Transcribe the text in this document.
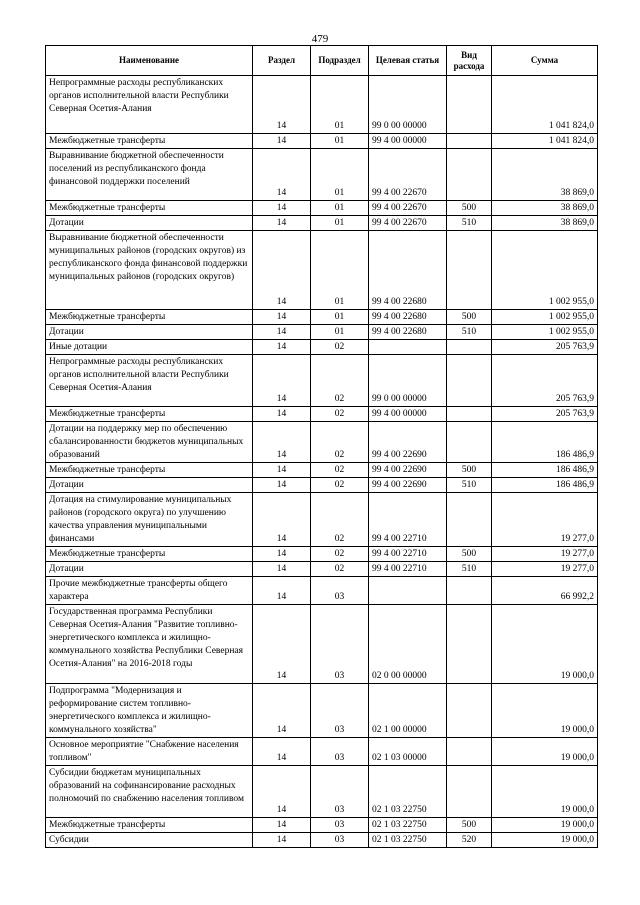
479
Наименование	Раздел	Подраздел	Целевая статья	Вид расхода	Сумма
Непрограммные расходы республиканских органов исполнительной власти Республики Северная Осетия-Алания	14	01	99 0 00 00000		1 041 824,0
Межбюджетные трансферты	14	01	99 4 00 00000		1 041 824,0
Выравнивание бюджетной обеспеченности поселений из республиканского фонда финансовой поддержки поселений	14	01	99 4 00 22670		38 869,0
Межбюджетные трансферты	14	01	99 4 00 22670	500	38 869,0
Дотации	14	01	99 4 00 22670	510	38 869,0
Выравнивание бюджетной обеспеченности муниципальных районов (городских округов) из республиканского фонда финансовой поддержки муниципальных районов (городских округов)	14	01	99 4 00 22680		1 002 955,0
Межбюджетные трансферты	14	01	99 4 00 22680	500	1 002 955,0
Дотации	14	01	99 4 00 22680	510	1 002 955,0
Иные дотации	14	02			205 763,9
Непрограммные расходы республиканских органов исполнительной власти Республики Северная Осетия-Алания	14	02	99 0 00 00000		205 763,9
Межбюджетные трансферты	14	02	99 4 00 00000		205 763,9
Дотации на поддержку мер по обеспечению сбалансированности бюджетов муниципальных образований	14	02	99 4 00 22690		186 486,9
Межбюджетные трансферты	14	02	99 4 00 22690	500	186 486,9
Дотации	14	02	99 4 00 22690	510	186 486,9
Дотация на стимулирование муниципальных районов (городского округа) по улучшению качества управления муниципальными финансами	14	02	99 4 00 22710		19 277,0
Межбюджетные трансферты	14	02	99 4 00 22710	500	19 277,0
Дотации	14	02	99 4 00 22710	510	19 277,0
Прочие межбюджетные трансферты общего характера	14	03			66 992,2
Государственная программа Республики Северная Осетия-Алания "Развитие топливно-энергетического комплекса и жилищно-коммунального хозяйства Республики Северная Осетия-Алания" на 2016-2018 годы	14	03	02 0 00 00000		19 000,0
Подпрограмма "Модернизация и реформирование систем топливно-энергетического комплекса и жилищно-коммунального хозяйства"	14	03	02 1 00 00000		19 000,0
Основное мероприятие "Снабжение населения топливом"	14	03	02 1 03 00000		19 000,0
Субсидии бюджетам муниципальных образований на софинансирование расходных полномочий по снабжению населения топливом	14	03	02 1 03 22750		19 000,0
Межбюджетные трансферты	14	03	02 1 03 22750	500	19 000,0
Субсидии	14	03	02 1 03 22750	520	19 000,0
